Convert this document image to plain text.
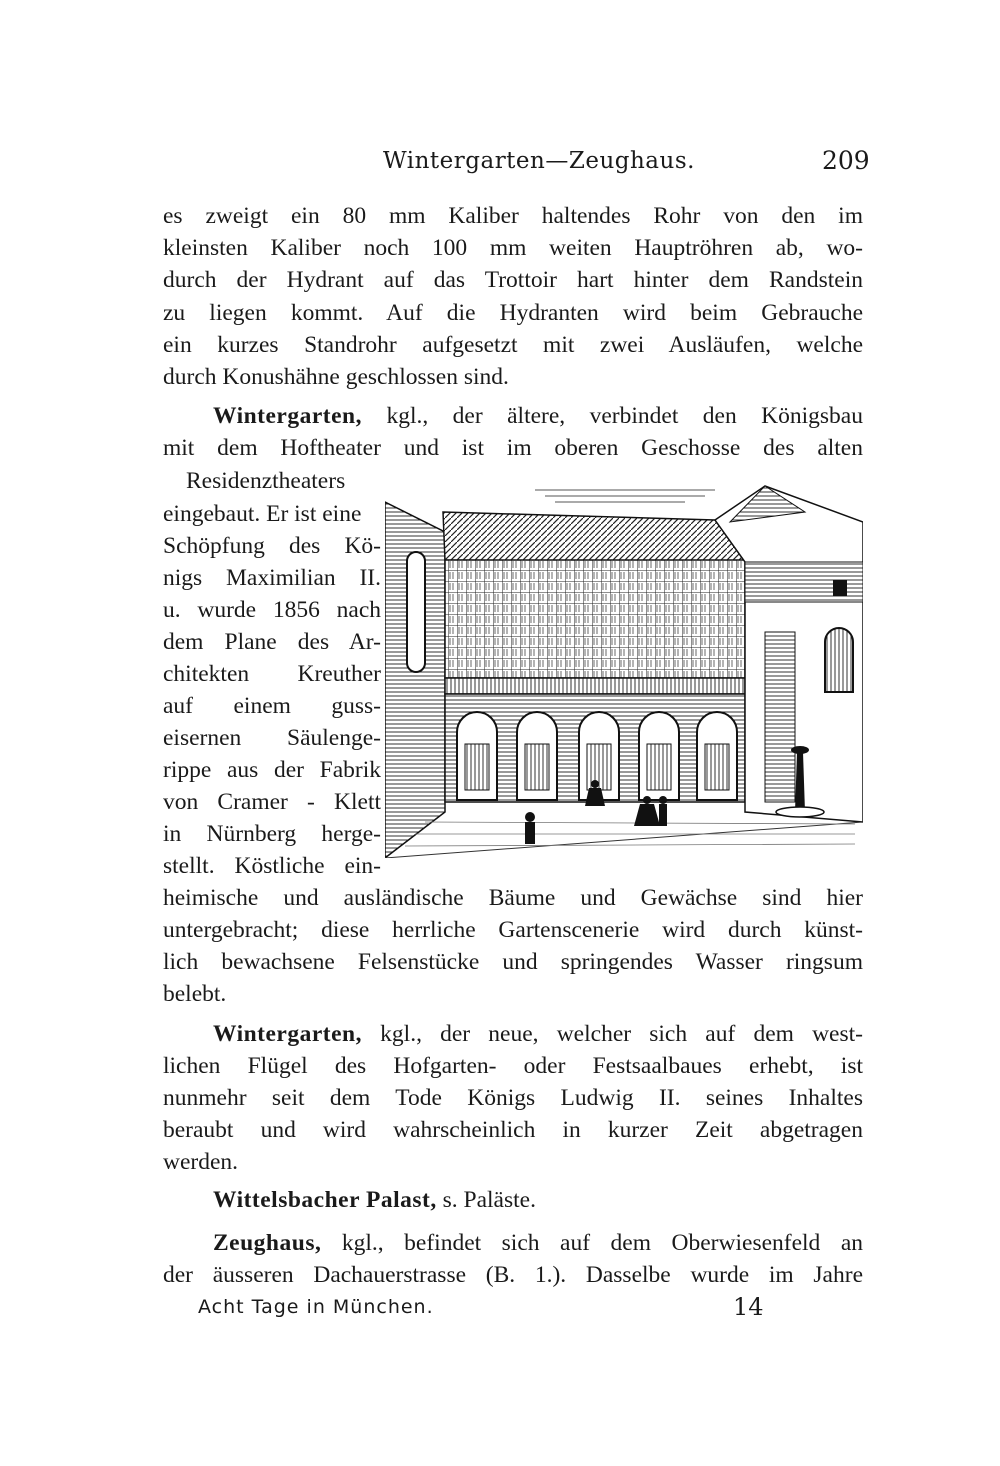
Wintergarten—Zeughaus.	209
es zweigt ein 80 mm Kaliber haltendes Rohr von den im
kleinsten Kaliber noch 100 mm weiten Hauptröhren ab, wo-
durch der Hydrant auf das Trottoir hart hinter dem Randstein
zu liegen kommt. Auf die Hydranten wird beim Gebrauche
ein kurzes Standrohr aufgesetzt mit zwei Ausläufen, welche
durch Konushähne geschlossen sind.
Wintergarten, kgl., der ältere, verbindet den Königsbau
mit dem Hoftheater und ist im oberen Geschosse des alten
Residenztheaters
eingebaut. Er ist eine
Schöpfung des Kö-
nigs Maximilian II.
u. wurde 1856 nach
dem Plane des Ar-
chitekten Kreuther
auf einem guss-
eisernen Säulenge-
rippe aus der Fabrik
von Cramer - Klett
in Nürnberg herge-
stellt. Köstliche ein-
heimische und ausländische Bäume und Gewächse sind hier
untergebracht; diese herrliche Gartenscenerie wird durch künst-
lich bewachsene Felsenstücke und springendes Wasser ringsum
belebt.
Wintergarten, kgl., der neue, welcher sich auf dem west-
lichen Flügel des Hofgarten- oder Festsaalbaues erhebt, ist
nunmehr seit dem Tode Königs Ludwig II. seines Inhaltes
beraubt und wird wahrscheinlich in kurzer Zeit abgetragen
werden.
Wittelsbacher Palast, s. Paläste.
Zeughaus, kgl., befindet sich auf dem Oberwiesenfeld an
der äusseren Dachauerstrasse (B. 1.). Dasselbe wurde im Jahre
Acht Tage in München.	14
